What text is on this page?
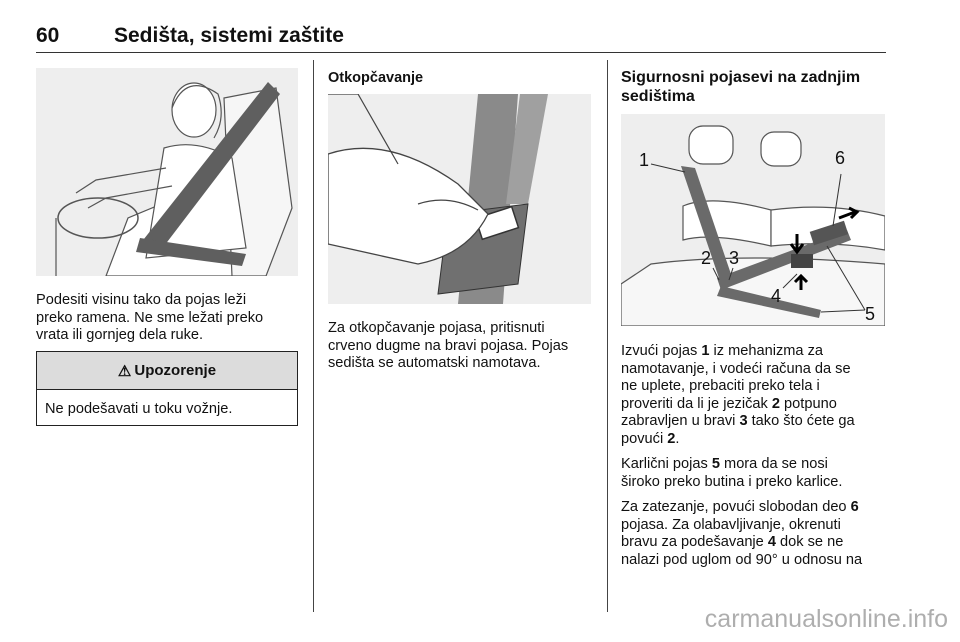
60	Sedišta, sistemi zaštite
Podesiti visinu tako da pojas leži
preko ramena. Ne sme ležati preko
vrata ili gornjeg dela ruke.
⚠ Upozorenje
Ne podešavati u toku vožnje.
Otkopčavanje
Za otkopčavanje pojasa, pritisnuti
crveno dugme na bravi pojasa. Pojas
sedišta se automatski namotava.
Sigurnosni pojasevi na zadnjim
sedištima
1
2 3
4
5
6
Izvući pojas 1 iz mehanizma za
namotavanje, i vodeći računa da se
ne uplete, prebaciti preko tela i
proveriti da li je jezičak 2 potpuno
zabravljen u bravi 3 tako što ćete ga
povući 2.
Karlični pojas 5 mora da se nosi
široko preko butina i preko karlice.
Za zatezanje, povući slobodan deo 6
pojasa. Za olabavljivanje, okrenuti
bravu za podešavanje 4 dok se ne
nalazi pod uglom od 90° u odnosu na
carmanualsonline.info
